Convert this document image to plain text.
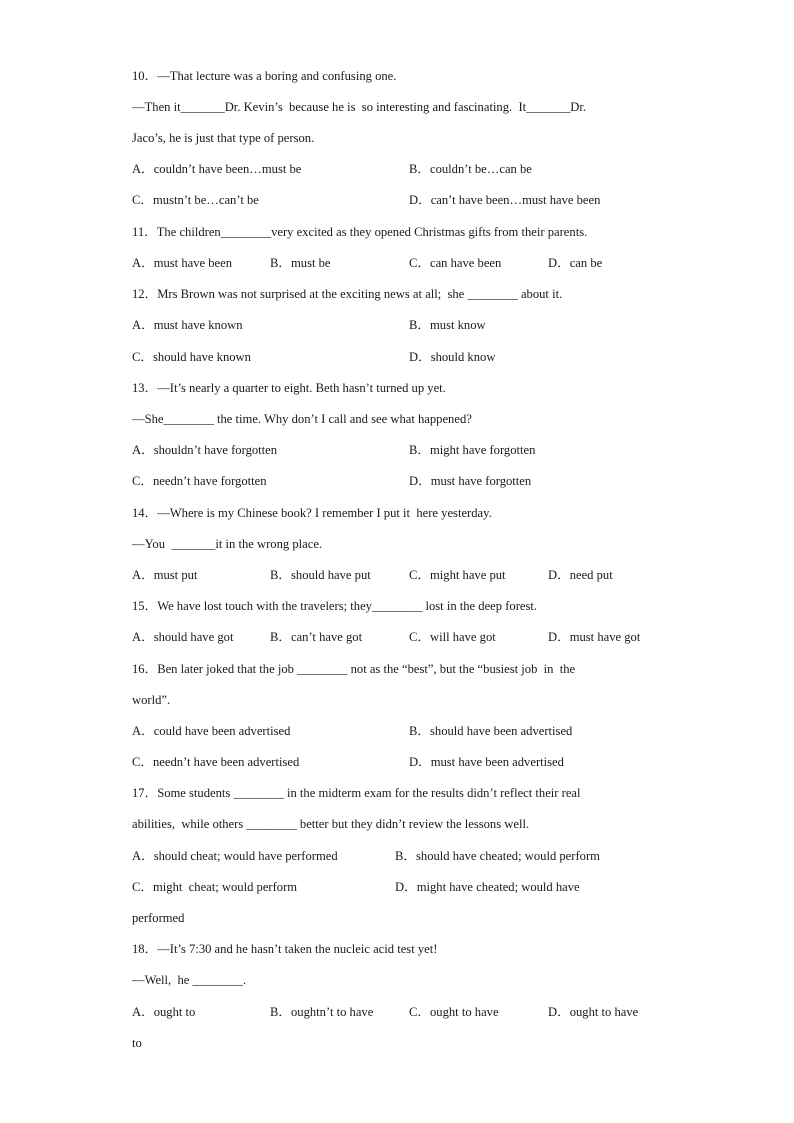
10．—That lecture was a boring and confusing one.
—Then it_______Dr. Kevin’s  because he is  so interesting and fascinating.  It_______Dr.
Jaco’s, he is just that type of person.
A．couldn’t have been…must be	B．couldn’t be…can be
C．mustn’t be…can’t be	D．can’t have been…must have been
11．The children________very excited as they opened Christmas gifts from their parents.
A．must have been	B．must be	C．can have been	D．can be
12．Mrs Brown was not surprised at the exciting news at all;  she ________ about it.
A．must have known	B．must know
C．should have known	D．should know
13．—It’s nearly a quarter to eight. Beth hasn’t turned up yet.
—She________ the time. Why don’t I call and see what happened?
A．shouldn’t have forgotten	B．might have forgotten
C．needn’t have forgotten	D．must have forgotten
14．—Where is my Chinese book? I remember I put it  here yesterday.
—You  _______it in the wrong place.
A．must put	B．should have put	C．might have put	D．need put
15．We have lost touch with the travelers; they________ lost in the deep forest.
A．should have got	B．can’t have got	C．will have got	D．must have got
16．Ben later joked that the job ________ not as the “best”, but the “busiest job  in  the
world”.
A．could have been advertised	B．should have been advertised
C．needn’t have been advertised	D．must have been advertised
17．Some students ________ in the midterm exam for the results didn’t reflect their real
abilities,  while others ________ better but they didn’t review the lessons well.
A．should cheat; would have performed	B．should have cheated; would perform
C．might  cheat; would perform	D．might have cheated; would have
performed
18．—It’s 7:30 and he hasn’t taken the nucleic acid test yet!
—Well,  he ________.
A．ought to	B．oughtn’t to have	C．ought to have	D．ought to have
to
